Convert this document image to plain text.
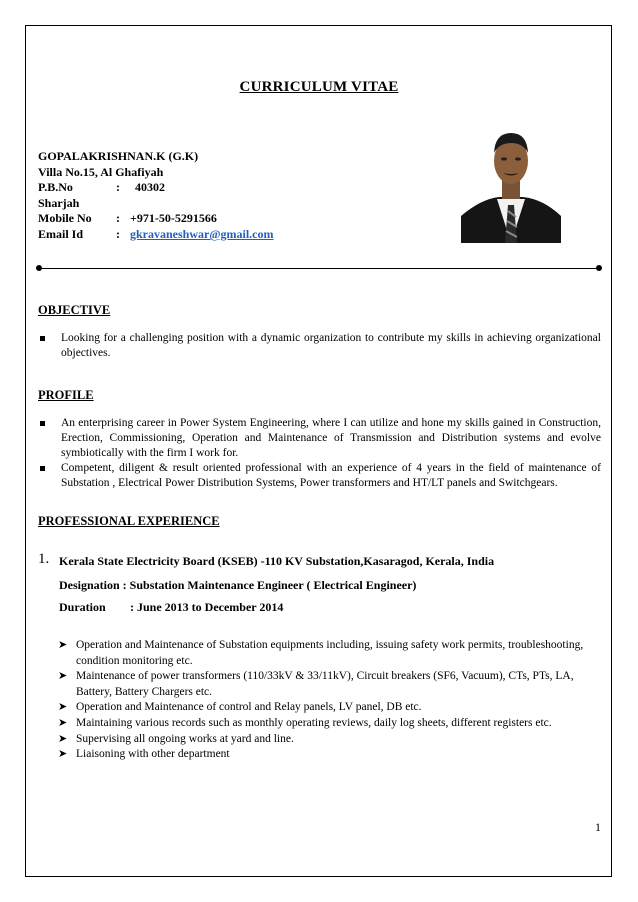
CURRICULUM VITAE
GOPALAKRISHNAN.K (G.K)
Villa No.15, Al Ghafiyah
P.B.No	:	40302
Sharjah
Mobile No	: +971-50-5291566
Email Id	: gkravaneshwar@gmail.com
OBJECTIVE
Looking for a challenging position with a dynamic organization to contribute my skills in achieving organizational objectives.
PROFILE
An enterprising career in Power System Engineering, where I can utilize and hone my skills gained in Construction, Erection, Commissioning, Operation and Maintenance of Transmission and Distribution systems and evolve symbiotically with the firm I work for.
Competent, diligent & result oriented professional with an experience of 4 years in the field of maintenance of Substation , Electrical Power Distribution Systems, Power transformers and HT/LT panels and Switchgears.
PROFESSIONAL EXPERIENCE
1. Kerala State Electricity Board (KSEB) -110 KV Substation,Kasaragod, Kerala, India
Designation : Substation Maintenance Engineer ( Electrical Engineer)
Duration : June 2013 to December 2014
➤ Operation and Maintenance of Substation equipments including, issuing safety work permits, troubleshooting, condition monitoring etc.
➤ Maintenance of power transformers (110/33kV & 33/11kV), Circuit breakers (SF6, Vacuum), CTs, PTs, LA, Battery, Battery Chargers etc.
➤ Operation and Maintenance of control and Relay panels, LV panel, DB etc.
➤ Maintaining various records such as monthly operating reviews, daily log sheets, different registers etc.
➤ Supervising all ongoing works at yard and line.
➤ Liaisoning with other department
1
